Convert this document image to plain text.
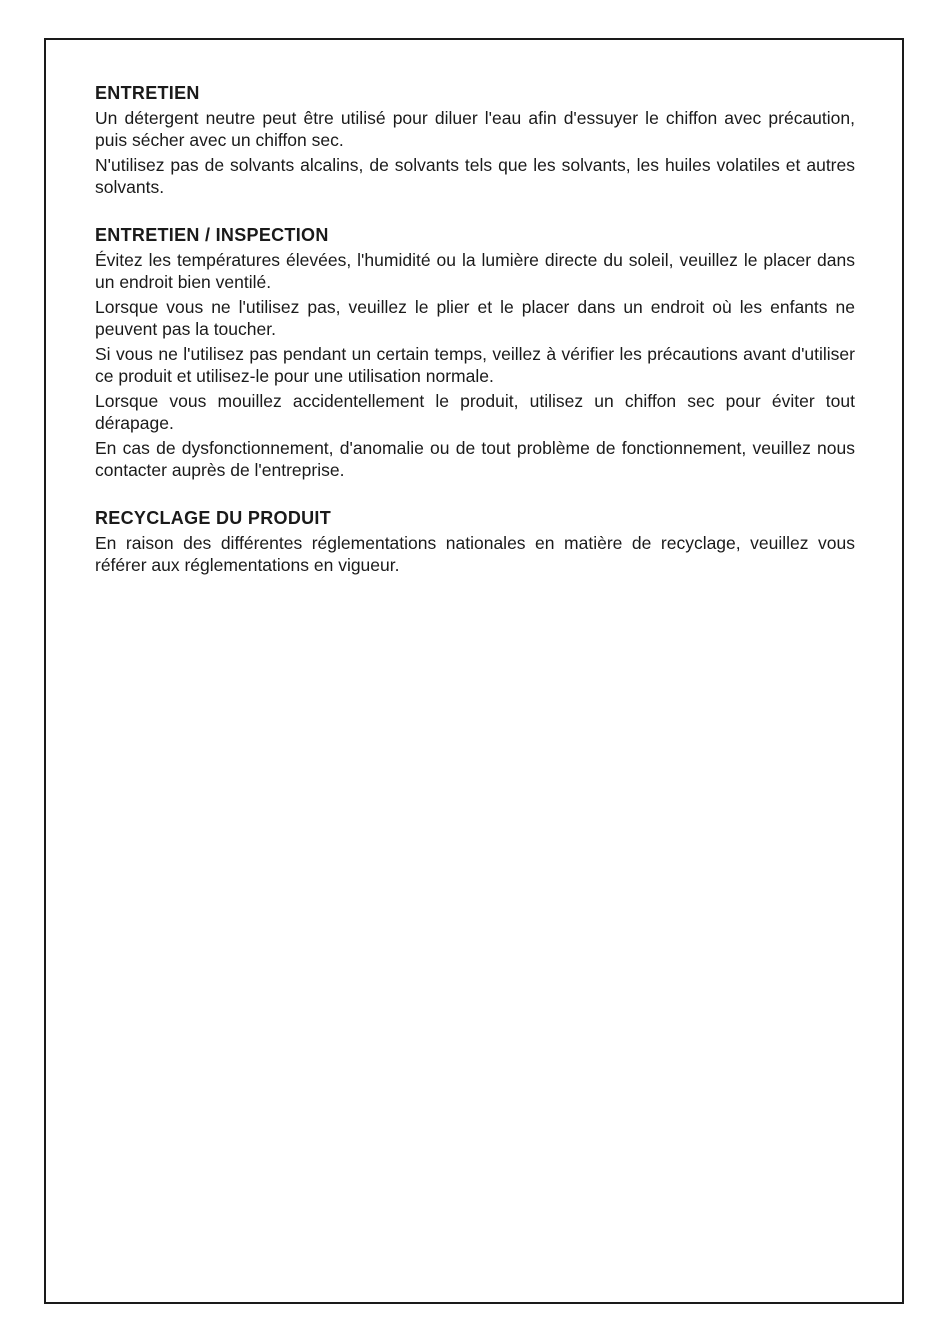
ENTRETIEN

Un détergent neutre peut être utilisé pour diluer l'eau afin d'essuyer le chiffon avec précaution, puis sécher avec un chiffon sec.

N'utilisez pas de solvants alcalins, de solvants tels que les solvants, les huiles volatiles et autres solvants.

ENTRETIEN / INSPECTION

Évitez les températures élevées, l'humidité ou la lumière directe du soleil, veuillez le placer dans un endroit bien ventilé.

Lorsque vous ne l'utilisez pas, veuillez le plier et le placer dans un endroit où les enfants ne peuvent pas la toucher.

Si vous ne l'utilisez pas pendant un certain temps, veillez à vérifier les précautions avant d'utiliser ce produit et utilisez-le pour une utilisation normale.

Lorsque vous mouillez accidentellement le produit, utilisez un chiffon sec pour éviter tout dérapage.

En cas de dysfonctionnement, d'anomalie ou de tout problème de fonctionnement, veuillez nous contacter auprès de l'entreprise.

RECYCLAGE DU PRODUIT

En raison des différentes réglementations nationales en matière de recyclage, veuillez vous référer aux réglementations en vigueur.
